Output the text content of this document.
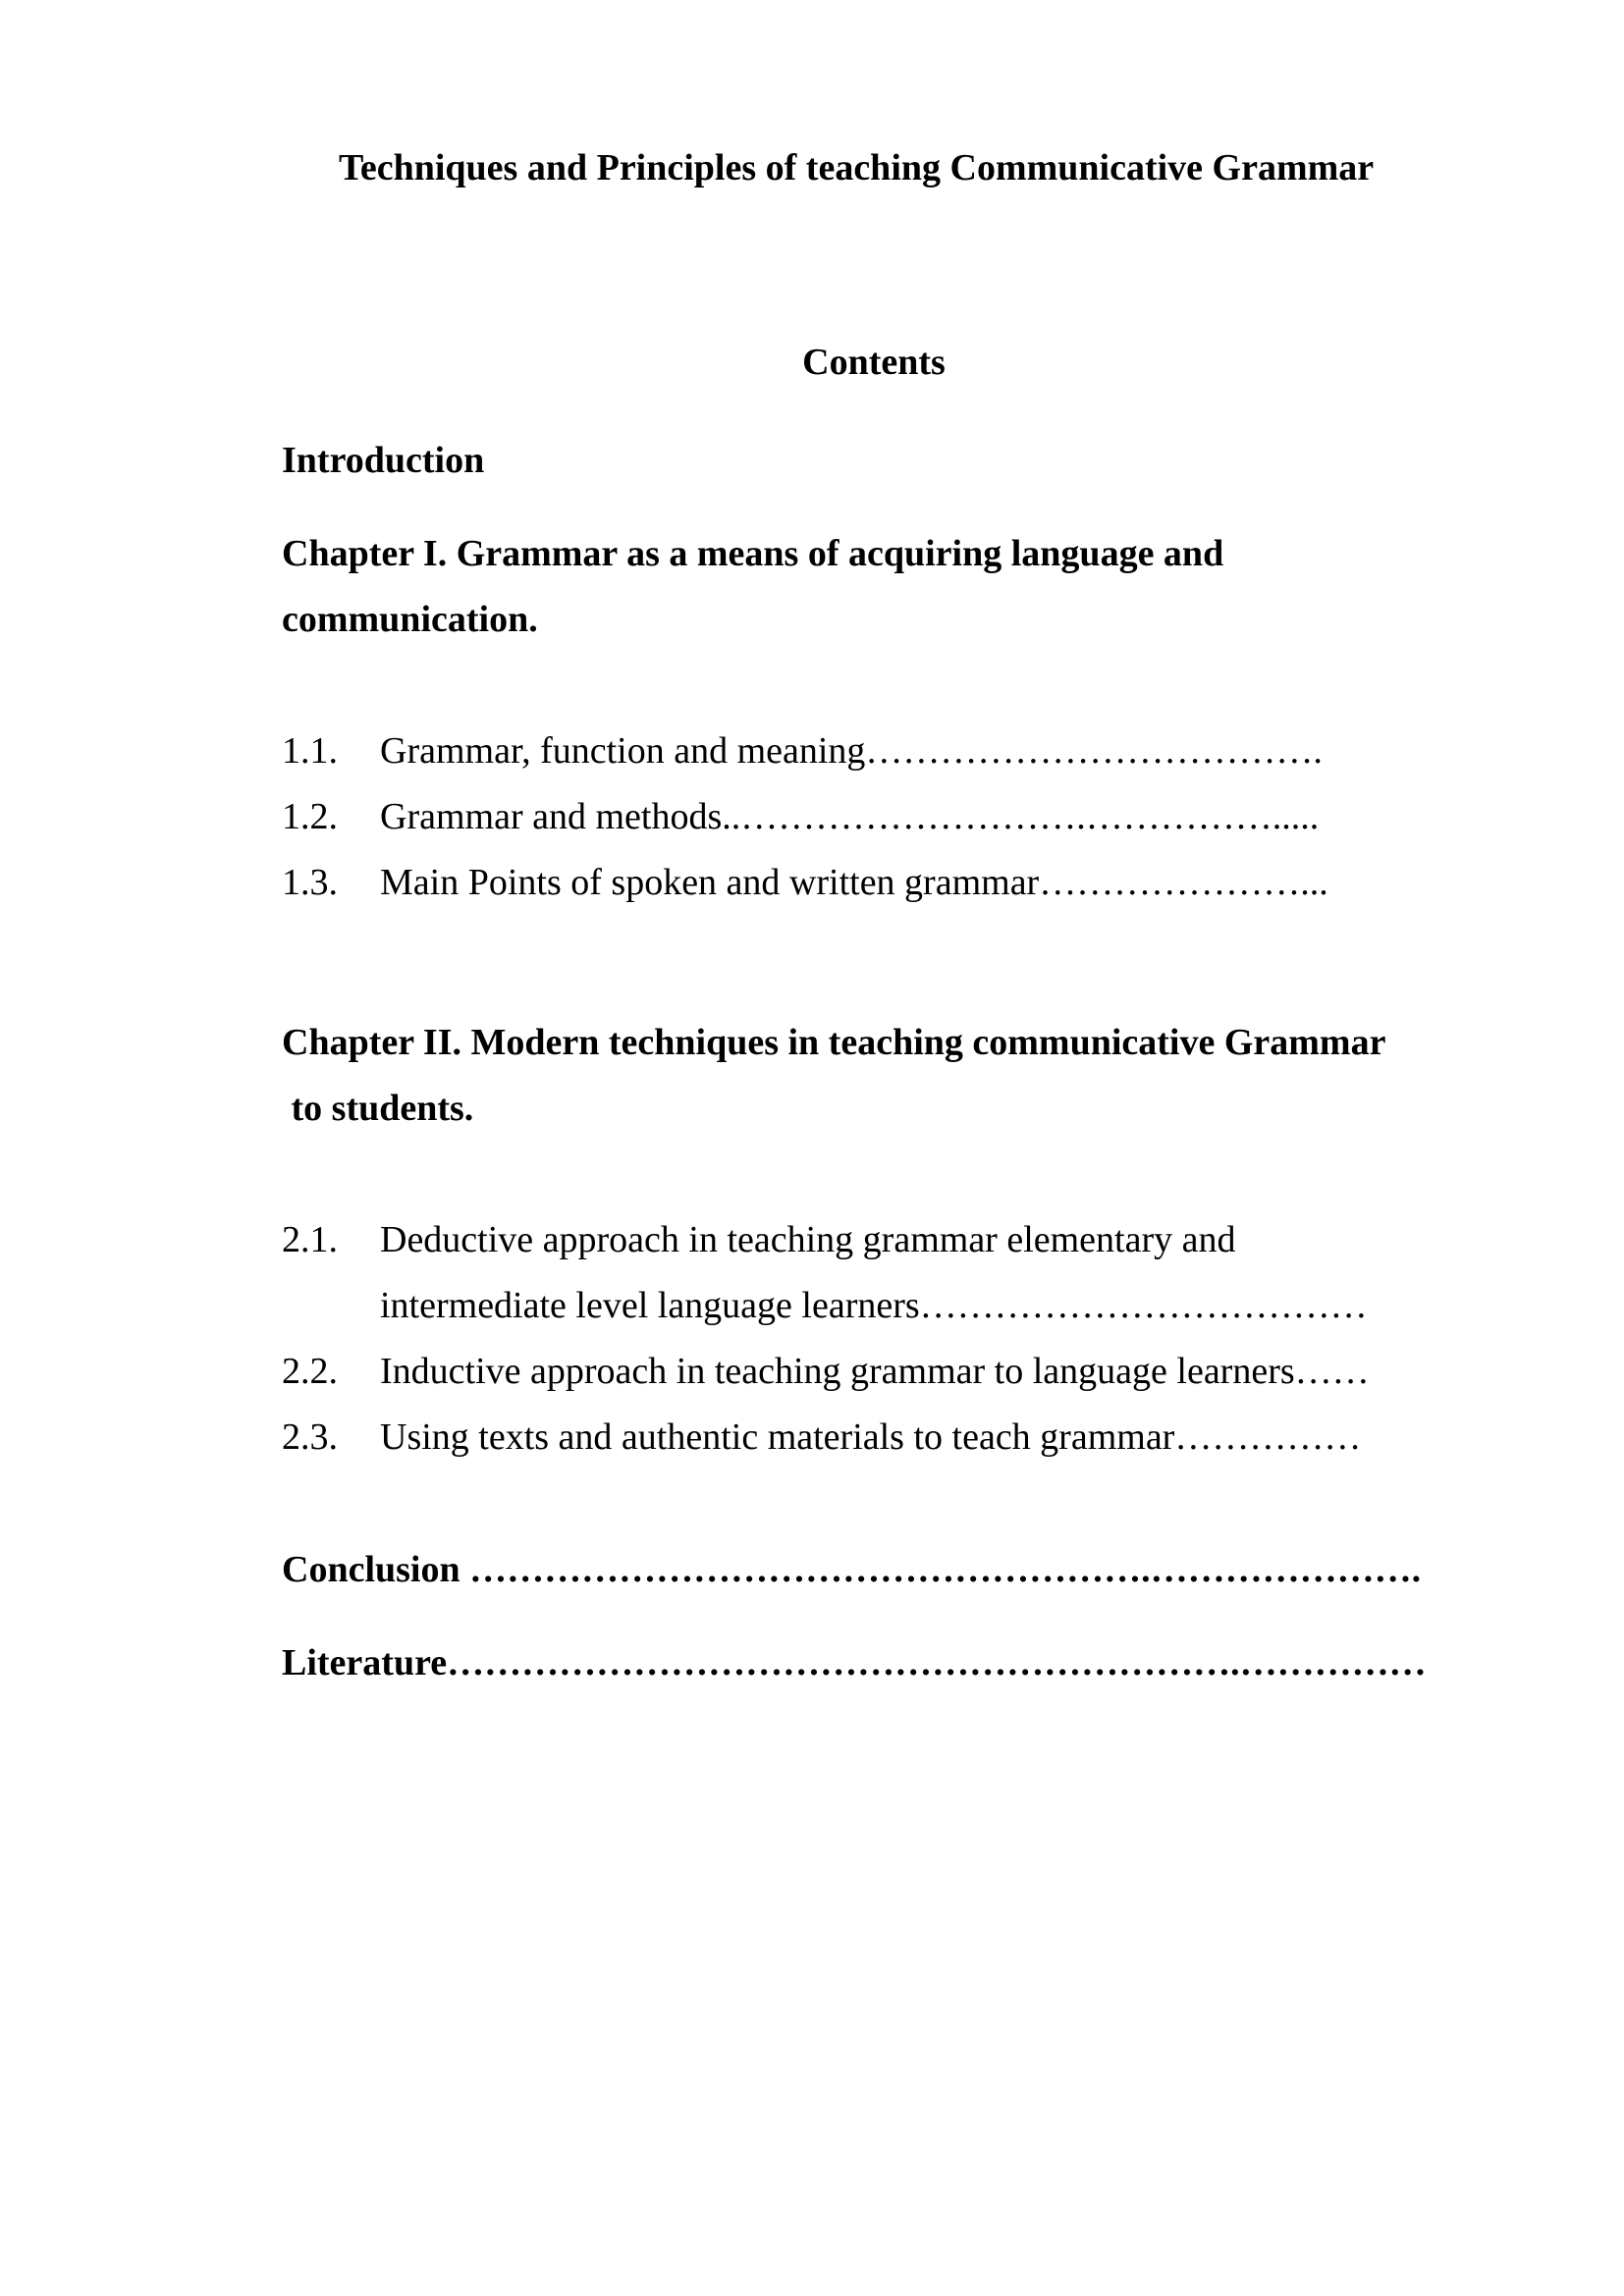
Techniques and Principles of teaching Communicative Grammar
Contents
Introduction
Chapter I. Grammar as a means of acquiring language and
communication.
1.1. Grammar, function and meaning……………………………….
1.2. Grammar and methods..……………………….…………….....
1.3. Main Points of spoken and written grammar…………………...
Chapter II. Modern techniques in teaching communicative Grammar
to students.
2.1. Deductive approach in teaching grammar elementary and
intermediate level language learners………………………………
2.2. Inductive approach in teaching grammar to language learners……
2.3. Using texts and authentic materials to teach grammar……………
Conclusion ……………………………………………….………………….
Literature……………………………………………………….……………
